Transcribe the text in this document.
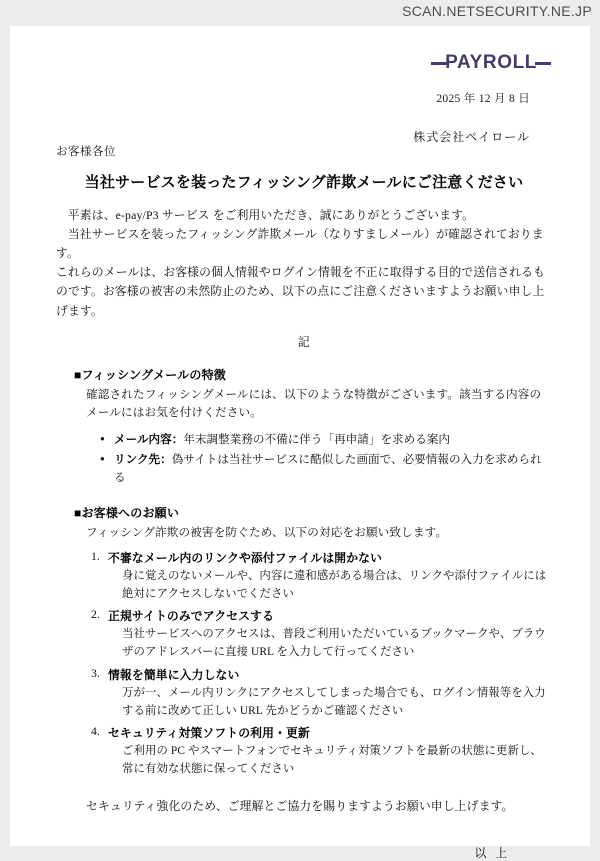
SCAN.NETSECURITY.NE.JP
PAYROLL
2025 年 12 月 8 日
株式会社ペイロール
お客様各位
当社サービスを装ったフィッシング詐欺メールにご注意ください

平素は、e-pay/P3 サービス をご利用いただき、誠にありがとうございます。

当社サービスを装ったフィッシング詐欺メール（なりすましメール）が確認されております。

これらのメールは、お客様の個人情報やログイン情報を不正に取得する目的で送信されるものです。お客様の被害の未然防止のため、以下の点にご注意くださいますようお願い申し上げます。

記
■フィッシングメールの特徴
確認されたフィッシングメールには、以下のような特徴がございます。該当する内容のメールにはお気を付けください。
● メール内容：年末調整業務の不備に伴う「再申請」を求める案内
● リンク先：偽サイトは当社サービスに酷似した画面で、必要情報の入力を求められる
■お客様へのお願い
フィッシング詐欺の被害を防ぐため、以下の対応をお願い致します。
不審なメール内のリンクや添付ファイルは開かない
身に覚えのないメールや、内容に違和感がある場合は、リンクや添付ファイルには絶対にアクセスしないでください
正規サイトのみでアクセスする
当社サービスへのアクセスは、普段ご利用いただいているブックマークや、ブラウザのアドレスバーに直接 URL を入力して行ってください
情報を簡単に入力しない
万が一、メール内リンクにアクセスしてしまった場合でも、ログイン情報等を入力する前に改めて正しい URL 先かどうかご確認ください
セキュリティ対策ソフトの利用・更新
ご利用の PC やスマートフォンでセキュリティ対策ソフトを最新の状態に更新し、常に有効な状態に保ってください
セキュリティ強化のため、ご理解とご協力を賜りますようお願い申し上げます。
以 上
